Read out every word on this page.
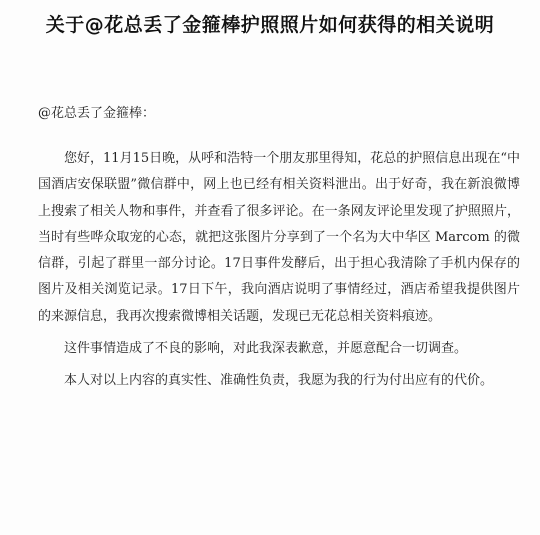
关于@花总丢了金箍棒护照照片如何获得的相关说明
@花总丢了金箍棒：

您好，11月15日晚，从呼和浩特一个朋友那里得知，花总的护照信息出现在“中国酒店安保联盟”微信群中，网上也已经有相关资料泄出。出于好奇，我在新浪微博上搜索了相关人物和事件，并查看了很多评论。在一条网友评论里发现了护照照片，当时有些哗众取宠的心态，就把这张图片分享到了一个名为大中华区 Marcom 的微信群，引起了群里一部分讨论。17日事件发酵后，出于担心我清除了手机内保存的图片及相关浏览记录。17日下午，我向酒店说明了事情经过，酒店希望我提供图片的来源信息，我再次搜索微博相关话题，发现已无花总相关资料痕迹。

这件事情造成了不良的影响，对此我深表歉意，并愿意配合一切调查。

本人对以上内容的真实性、准确性负责，我愿为我的行为付出应有的代价。
